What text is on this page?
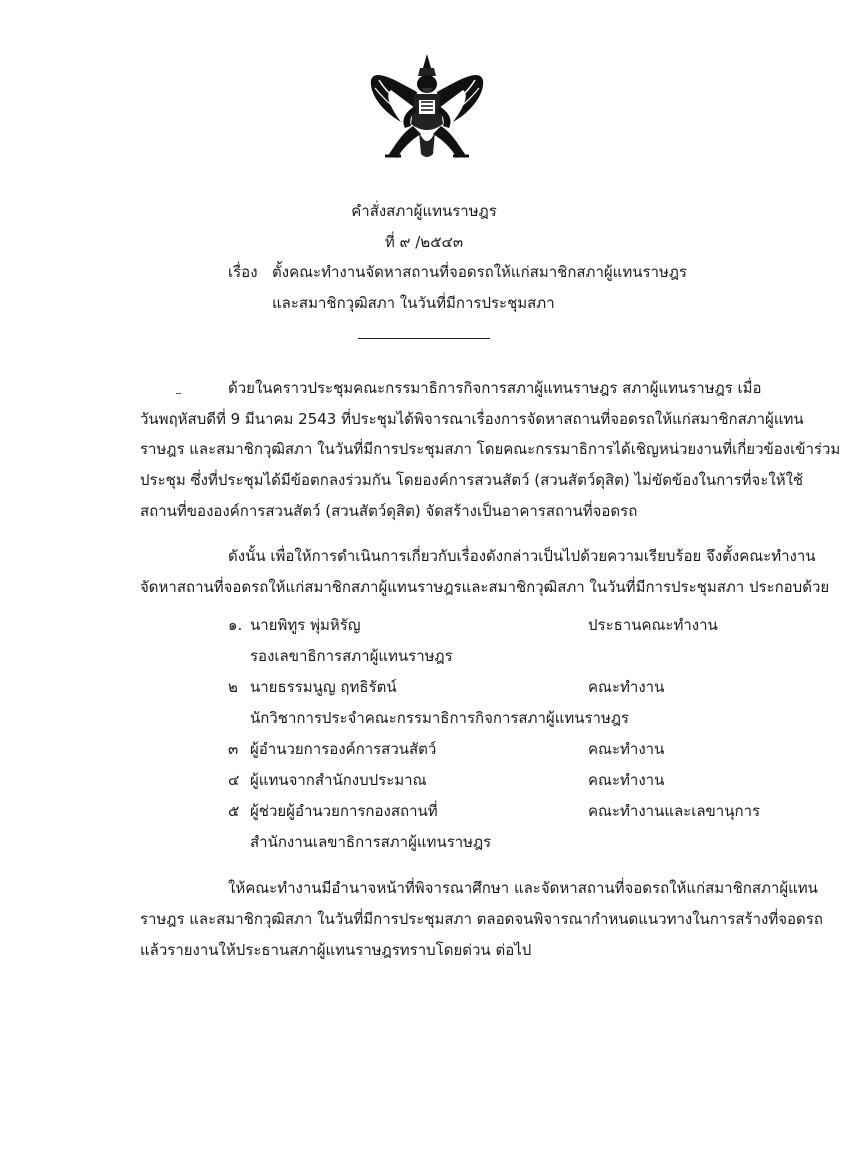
คำสั่งสภาผู้แทนราษฎร
ที่ ๙ /๒๕๔๓
เรื่อง ตั้งคณะทำงานจัดหาสถานที่จอดรถให้แก่สมาชิกสภาผู้แทนราษฎร
และสมาชิกวุฒิสภา ในวันที่มีการประชุมสภา
ด้วยในคราวประชุมคณะกรรมาธิการกิจการสภาผู้แทนราษฎร สภาผู้แทนราษฎร เมื่อ
วันพฤหัสบดีที่ 9 มีนาคม 2543 ที่ประชุมได้พิจารณาเรื่องการจัดหาสถานที่จอดรถให้แก่สมาชิกสภาผู้แทน
ราษฎร และสมาชิกวุฒิสภา ในวันที่มีการประชุมสภา โดยคณะกรรมาธิการได้เชิญหน่วยงานที่เกี่ยวข้องเข้าร่วม
ประชุม ซึ่งที่ประชุมได้มีข้อตกลงร่วมกัน โดยองค์การสวนสัตว์ (สวนสัตว์ดุสิต) ไม่ขัดข้องในการที่จะให้ใช้
สถานที่ขององค์การสวนสัตว์ (สวนสัตว์ดุสิต) จัดสร้างเป็นอาคารสถานที่จอดรถ
ดังนั้น เพื่อให้การดำเนินการเกี่ยวกับเรื่องดังกล่าวเป็นไปด้วยความเรียบร้อย จึงตั้งคณะทำงาน
จัดหาสถานที่จอดรถให้แก่สมาชิกสภาผู้แทนราษฎรและสมาชิกวุฒิสภา ในวันที่มีการประชุมสภา ประกอบด้วย
๑. นายพิทูร พุ่มหิรัญ	ประธานคณะทำงาน
รองเลขาธิการสภาผู้แทนราษฎร
๒ นายธรรมนูญ ฤทธิรัตน์	คณะทำงาน
นักวิชาการประจำคณะกรรมาธิการกิจการสภาผู้แทนราษฎร
๓ ผู้อำนวยการองค์การสวนสัตว์	คณะทำงาน
๔ ผู้แทนจากสำนักงบประมาณ	คณะทำงาน
๕ ผู้ช่วยผู้อำนวยการกองสถานที่	คณะทำงานและเลขานุการ
สำนักงานเลขาธิการสภาผู้แทนราษฎร
ให้คณะทำงานมีอำนาจหน้าที่พิจารณาศึกษา และจัดหาสถานที่จอดรถให้แก่สมาชิกสภาผู้แทน
ราษฎร และสมาชิกวุฒิสภา ในวันที่มีการประชุมสภา ตลอดจนพิจารณากำหนดแนวทางในการสร้างที่จอดรถ
แล้วรายงานให้ประธานสภาผู้แทนราษฎรทราบโดยด่วน ต่อไป
